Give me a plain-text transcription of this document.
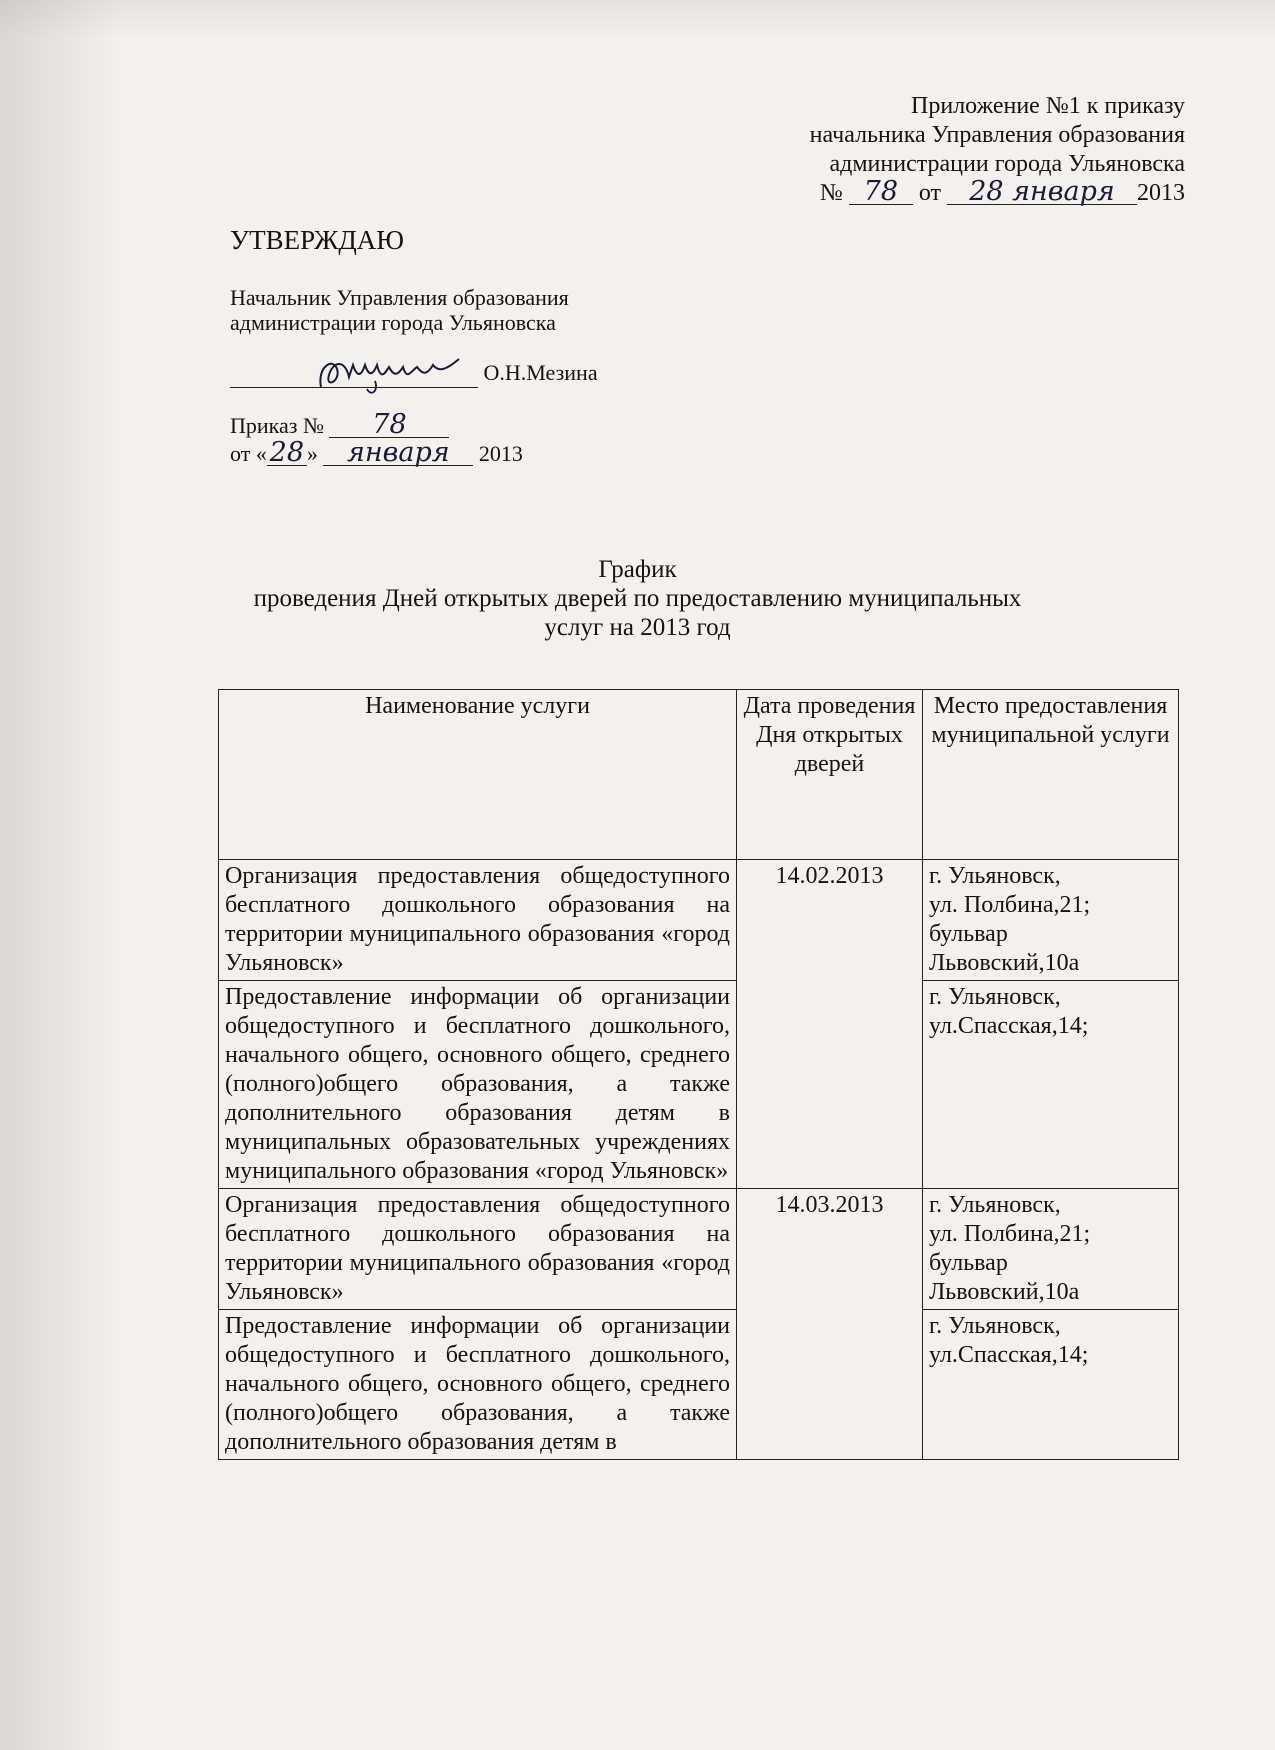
Приложение №1 к приказу
начальника Управления образования
администрации города Ульяновска
№ 78 от 28 января 2013
УТВЕРЖДАЮ
Начальник Управления образования
администрации города Ульяновска
О.Н.Мезина
Приказ № 78
от « 28 » января 2013
График
проведения Дней открытых дверей по предоставлению муниципальных
услуг на 2013 год
Наименование услуги	Дата проведения Дня открытых дверей	Место предоставления муниципальной услуги
Организация предоставления общедоступного бесплатного дошкольного образования на территории муниципального образования «город Ульяновск»	14.02.2013	г. Ульяновск,
ул. Полбина,21;
бульвар
Львовский,10а

Предоставление информации об организации общедоступного и бесплатного дошкольного, начального общего, основного общего, среднего (полного)общего образования, а также дополнительного образования детям в муниципальных образовательных учреждениях муниципального образования «город Ульяновск»		г. Ульяновск,
ул.Спасская,14;

Организация предоставления общедоступного бесплатного дошкольного образования на территории муниципального образования «город Ульяновск»	14.03.2013	г. Ульяновск,
ул. Полбина,21;
бульвар
Львовский,10а

Предоставление информации об организации общедоступного и бесплатного дошкольного, начального общего, основного общего, среднего (полного)общего образования, а также дополнительного образования детям в		г. Ульяновск,
ул.Спасская,14;
